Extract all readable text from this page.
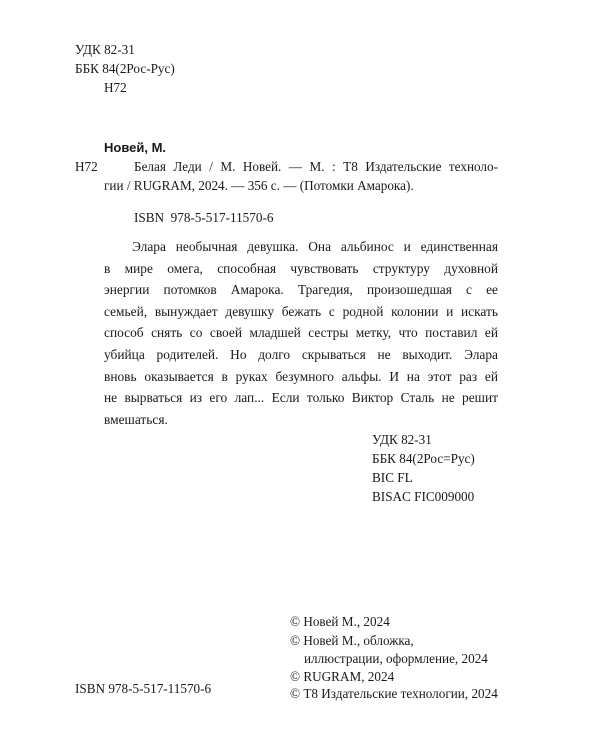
УДК 82-31
ББК 84(2Рос-Рус)
Н72
Новей, М.
Н72	Белая Леди / М. Новей. — М. : Т8 Издательские техноло-
гии / RUGRAM, 2024. — 356 с. — (Потомки Амарока).
ISBN  978-5-517-11570-6
Элара необычная девушка. Она альбинос и единственная
в мире омега, способная чувствовать структуру духовной
энергии потомков Амарока. Трагедия, произошедшая с ее
семьей, вынуждает девушку бежать с родной колонии и искать
способ снять со своей младшей сестры метку, что поставил ей
убийца родителей. Но долго скрываться не выходит. Элара
вновь оказывается в руках безумного альфы. И на этот раз ей
не вырваться из его лап... Если только Виктор Сталь не решит
вмешаться.
УДК 82-31
ББК 84(2Рос=Рус)
BIC FL
BISAC FIC009000
ISBN 978-5-517-11570-6
© Новей М., 2024
© Новей М., обложка,
иллюстрации, оформление, 2024
© RUGRAM, 2024
© Т8 Издательские технологии, 2024
